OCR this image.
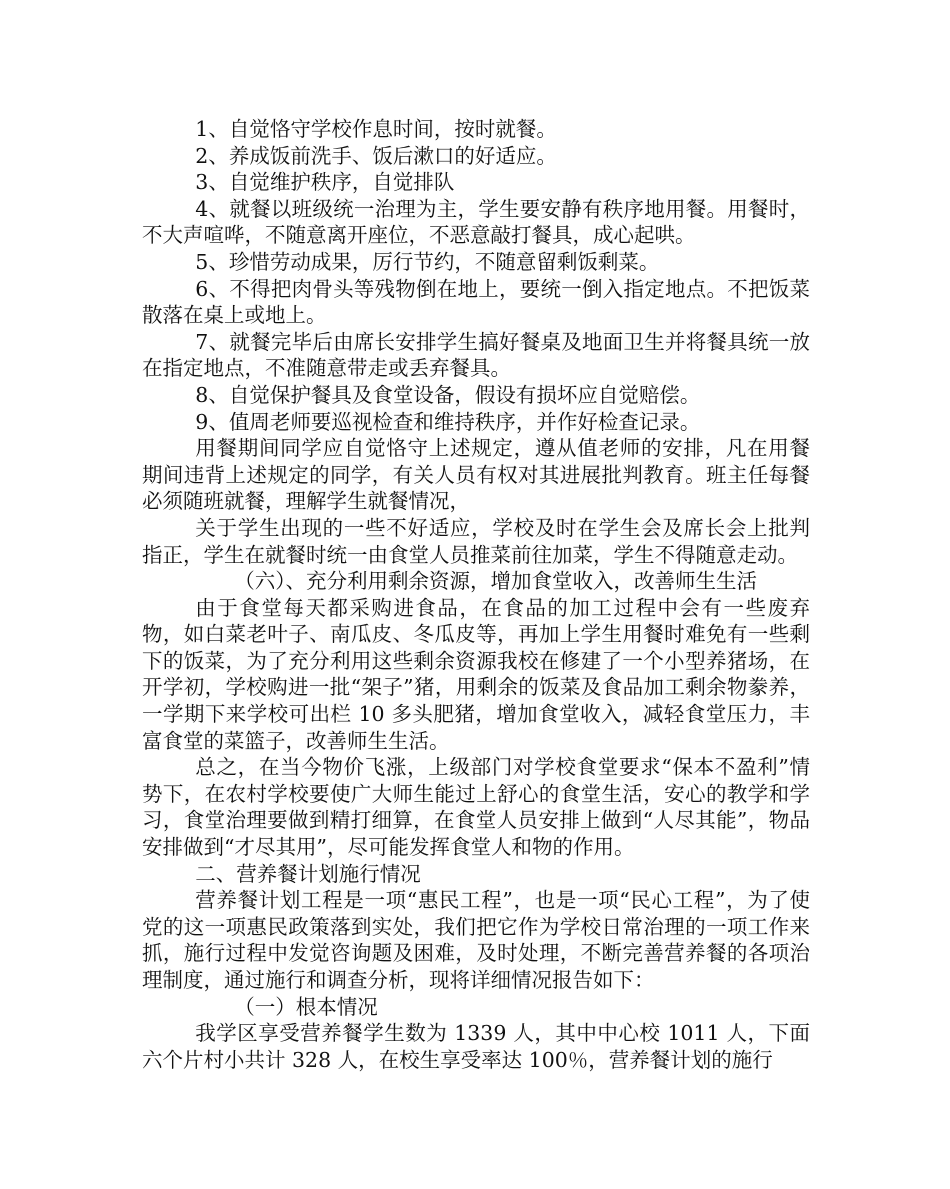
1、自觉恪守学校作息时间，按时就餐。

2、养成饭前洗手、饭后漱口的好适应。

3、自觉维护秩序，自觉排队

4、就餐以班级统一治理为主，学生要安静有秩序地用餐。用餐时，不大声喧哗，不随意离开座位，不恶意敲打餐具，成心起哄。

5、珍惜劳动成果，厉行节约，不随意留剩饭剩菜。

6、不得把肉骨头等残物倒在地上，要统一倒入指定地点。不把饭菜散落在桌上或地上。

7、就餐完毕后由席长安排学生搞好餐桌及地面卫生并将餐具统一放在指定地点，不准随意带走或丢弃餐具。

8、自觉保护餐具及食堂设备，假设有损坏应自觉赔偿。

9、值周老师要巡视检查和维持秩序，并作好检查记录。

用餐期间同学应自觉恪守上述规定，遵从值老师的安排，凡在用餐期间违背上述规定的同学，有关人员有权对其进展批判教育。班主任每餐必须随班就餐，理解学生就餐情况，

关于学生出现的一些不好适应，学校及时在学生会及席长会上批判指正，学生在就餐时统一由食堂人员推菜前往加菜，学生不得随意走动。

（六）、充分利用剩余资源，增加食堂收入，改善师生生活

由于食堂每天都采购进食品，在食品的加工过程中会有一些废弃物，如白菜老叶子、南瓜皮、冬瓜皮等，再加上学生用餐时难免有一些剩下的饭菜，为了充分利用这些剩余资源我校在修建了一个小型养猪场，在开学初，学校购进一批“架子”猪，用剩余的饭菜及食品加工剩余物豢养，一学期下来学校可出栏 10 多头肥猪，增加食堂收入，减轻食堂压力，丰富食堂的菜篮子，改善师生生活。

总之，在当今物价飞涨，上级部门对学校食堂要求“保本不盈利”情势下，在农村学校要使广大师生能过上舒心的食堂生活，安心的教学和学习，食堂治理要做到精打细算，在食堂人员安排上做到“人尽其能”，物品安排做到“才尽其用”，尽可能发挥食堂人和物的作用。

二、营养餐计划施行情况

营养餐计划工程是一项“惠民工程”，也是一项“民心工程”，为了使党的这一项惠民政策落到实处，我们把它作为学校日常治理的一项工作来抓，施行过程中发觉咨询题及困难，及时处理，不断完善营养餐的各项治理制度，通过施行和调查分析，现将详细情况报告如下：

（一）根本情况

我学区享受营养餐学生数为 1339 人，其中中心校 1011 人，下面六个片村小共计 328 人，在校生享受率达 100％，营养餐计划的施行
